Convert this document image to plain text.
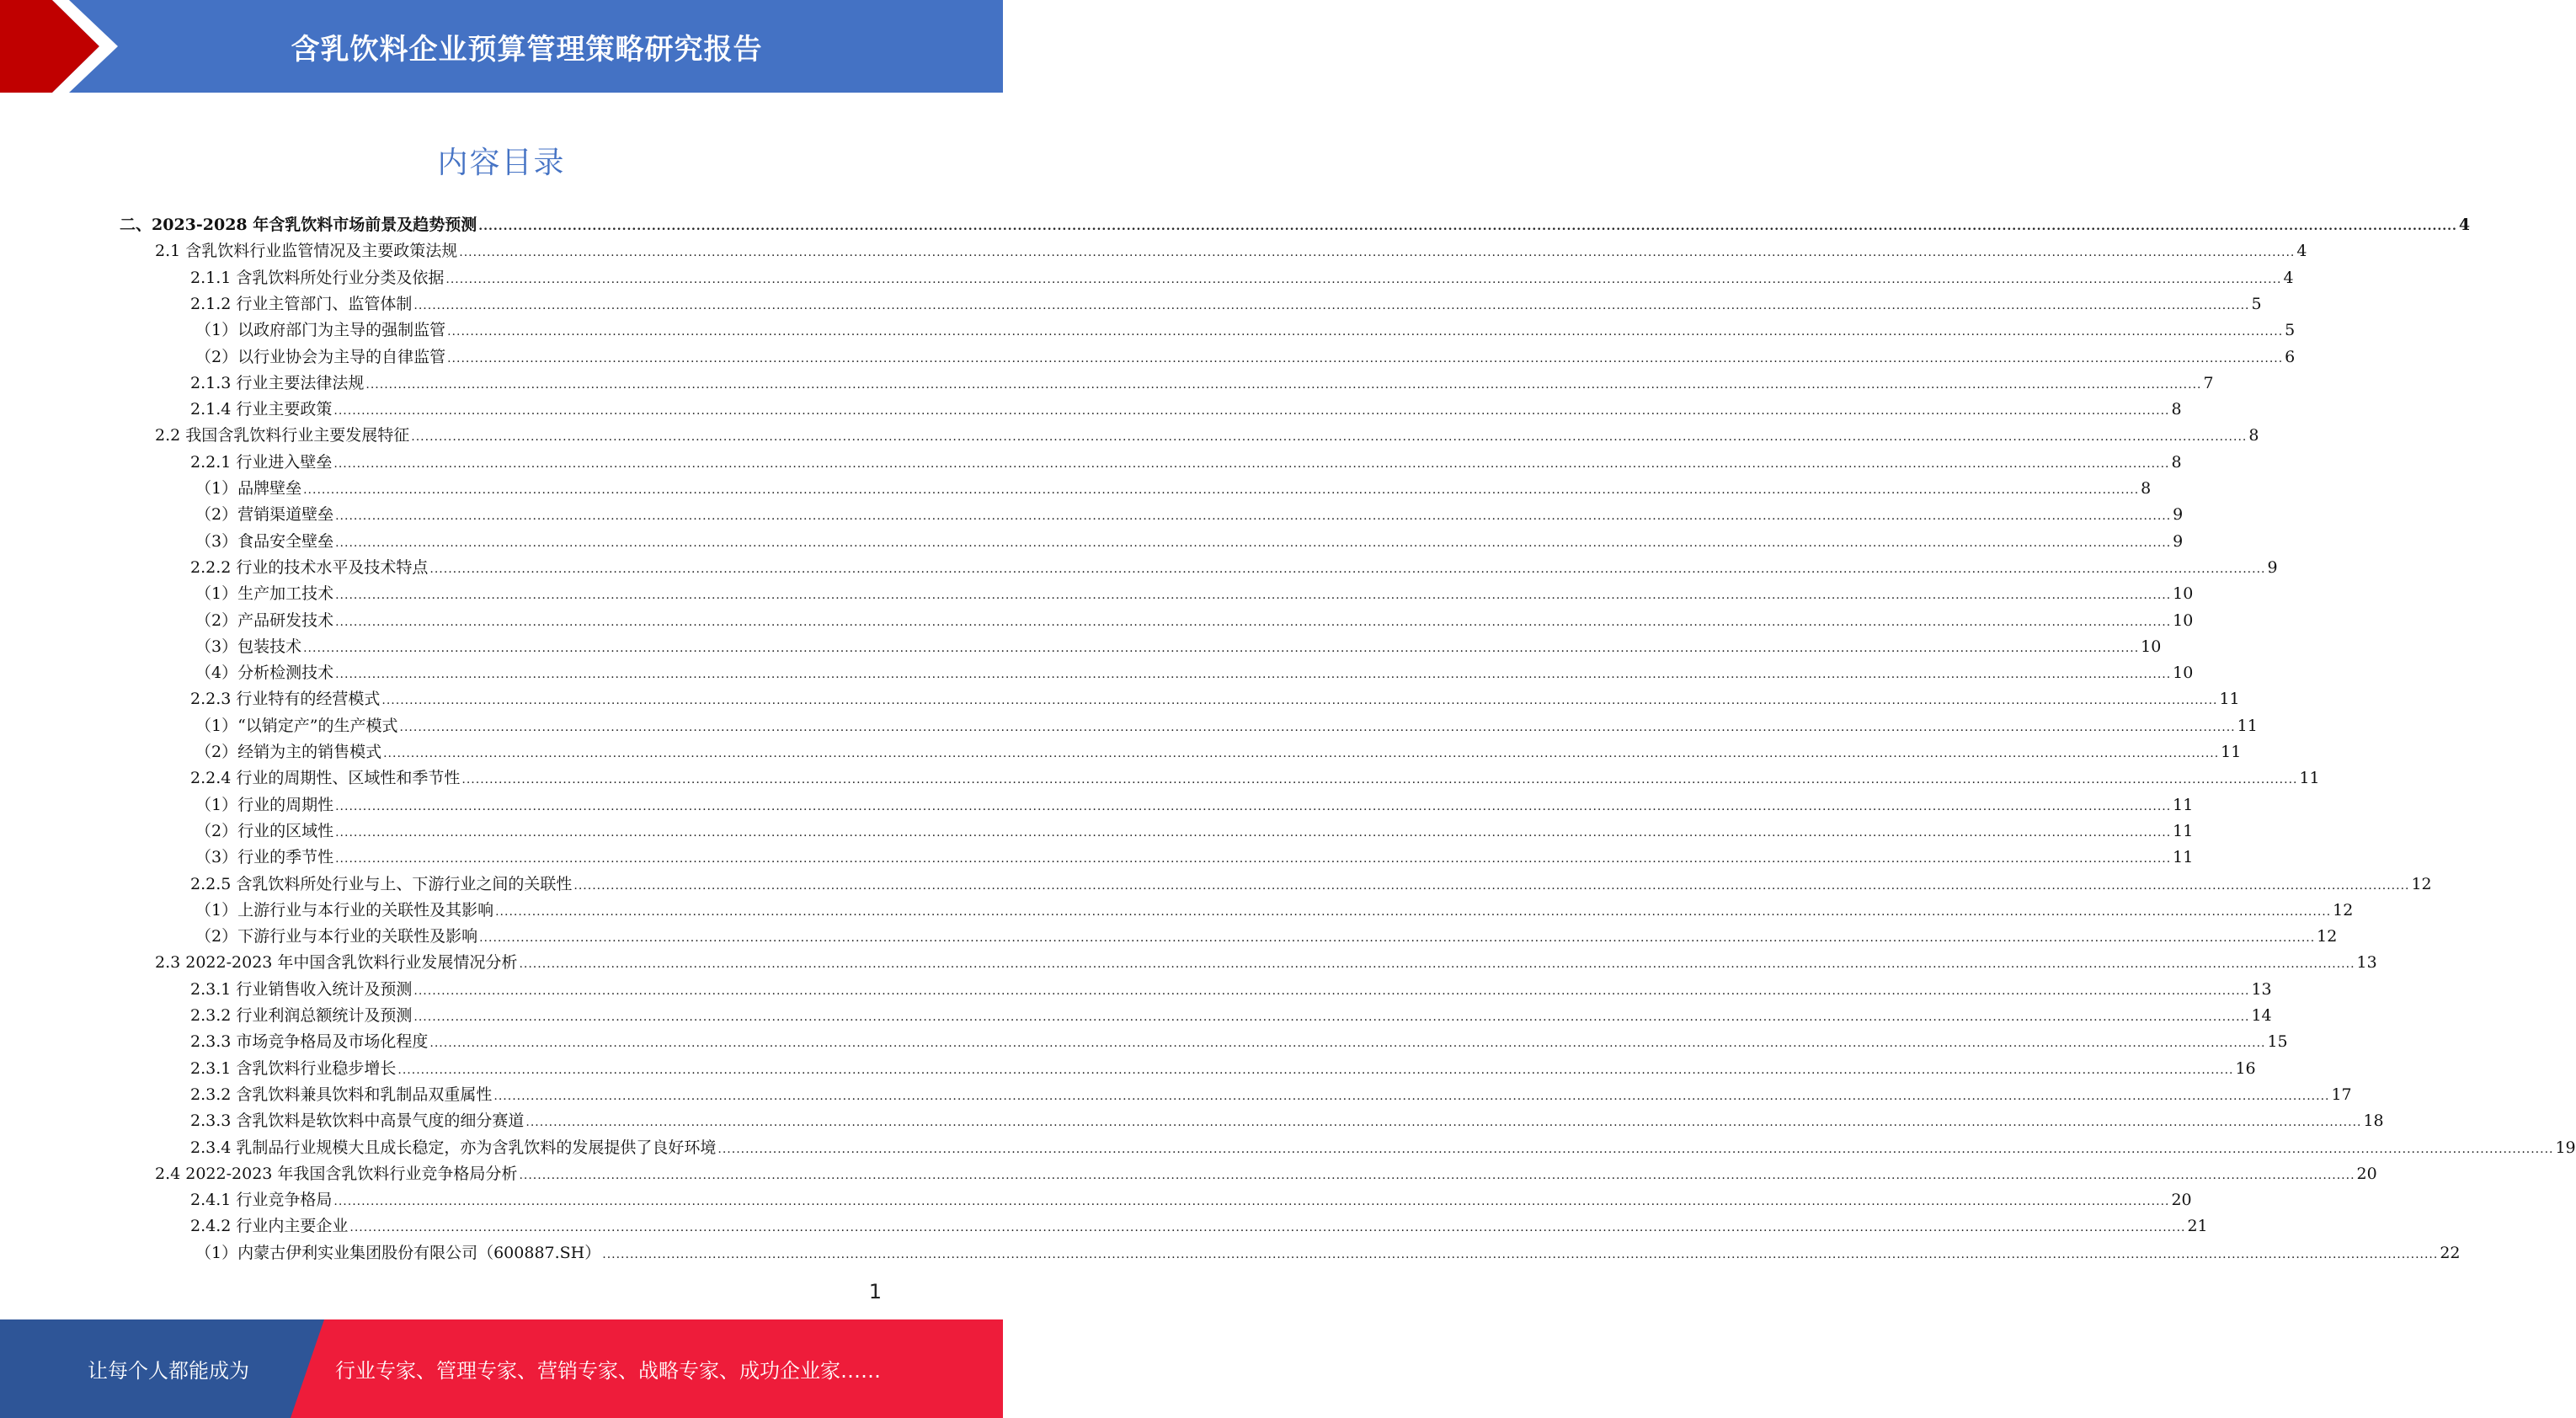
含乳饮料企业预算管理策略研究报告
内容目录
二、2023-2028 年含乳饮料市场前景及趋势预测 ................................................................................................................................................................................................................................................................................................................................................................................................................ 4
2.1 含乳饮料行业监管情况及主要政策法规 ................................................................................................................................................................................................................................................................................................................................................................................................................ 4
2.1.1 含乳饮料所处行业分类及依据 ................................................................................................................................................................................................................................................................................................................................................................................................................ 4
2.1.2 行业主管部门、监管体制 ................................................................................................................................................................................................................................................................................................................................................................................................................ 5
（1）以政府部门为主导的强制监管 ................................................................................................................................................................................................................................................................................................................................................................................................................ 5
（2）以行业协会为主导的自律监管 ................................................................................................................................................................................................................................................................................................................................................................................................................ 6
2.1.3 行业主要法律法规 ................................................................................................................................................................................................................................................................................................................................................................................................................ 7
2.1.4 行业主要政策 ................................................................................................................................................................................................................................................................................................................................................................................................................ 8
2.2 我国含乳饮料行业主要发展特征 ................................................................................................................................................................................................................................................................................................................................................................................................................ 8
2.2.1 行业进入壁垒 ................................................................................................................................................................................................................................................................................................................................................................................................................ 8
（1）品牌壁垒 ................................................................................................................................................................................................................................................................................................................................................................................................................ 8
（2）营销渠道壁垒 ................................................................................................................................................................................................................................................................................................................................................................................................................ 9
（3）食品安全壁垒 ................................................................................................................................................................................................................................................................................................................................................................................................................ 9
2.2.2 行业的技术水平及技术特点 ................................................................................................................................................................................................................................................................................................................................................................................................................ 9
（1）生产加工技术 ................................................................................................................................................................................................................................................................................................................................................................................................................ 10
（2）产品研发技术 ................................................................................................................................................................................................................................................................................................................................................................................................................ 10
（3）包装技术 ................................................................................................................................................................................................................................................................................................................................................................................................................ 10
（4）分析检测技术 ................................................................................................................................................................................................................................................................................................................................................................................................................ 10
2.2.3 行业特有的经营模式 ................................................................................................................................................................................................................................................................................................................................................................................................................ 11
（1）“以销定产”的生产模式 ................................................................................................................................................................................................................................................................................................................................................................................................................ 11
（2）经销为主的销售模式 ................................................................................................................................................................................................................................................................................................................................................................................................................ 11
2.2.4 行业的周期性、区域性和季节性 ................................................................................................................................................................................................................................................................................................................................................................................................................ 11
（1）行业的周期性 ................................................................................................................................................................................................................................................................................................................................................................................................................ 11
（2）行业的区域性 ................................................................................................................................................................................................................................................................................................................................................................................................................ 11
（3）行业的季节性 ................................................................................................................................................................................................................................................................................................................................................................................................................ 11
2.2.5 含乳饮料所处行业与上、下游行业之间的关联性 ................................................................................................................................................................................................................................................................................................................................................................................................................ 12
（1）上游行业与本行业的关联性及其影响 ................................................................................................................................................................................................................................................................................................................................................................................................................ 12
（2）下游行业与本行业的关联性及影响 ................................................................................................................................................................................................................................................................................................................................................................................................................ 12
2.3 2022-2023 年中国含乳饮料行业发展情况分析 ................................................................................................................................................................................................................................................................................................................................................................................................................ 13
2.3.1 行业销售收入统计及预测 ................................................................................................................................................................................................................................................................................................................................................................................................................ 13
2.3.2 行业利润总额统计及预测 ................................................................................................................................................................................................................................................................................................................................................................................................................ 14
2.3.3 市场竞争格局及市场化程度 ................................................................................................................................................................................................................................................................................................................................................................................................................ 15
2.3.1 含乳饮料行业稳步增长 ................................................................................................................................................................................................................................................................................................................................................................................................................ 16
2.3.2 含乳饮料兼具饮料和乳制品双重属性 ................................................................................................................................................................................................................................................................................................................................................................................................................ 17
2.3.3 含乳饮料是软饮料中高景气度的细分赛道 ................................................................................................................................................................................................................................................................................................................................................................................................................ 18
2.3.4 乳制品行业规模大且成长稳定，亦为含乳饮料的发展提供了良好环境 ................................................................................................................................................................................................................................................................................................................................................................................................................ 19
2.4 2022-2023 年我国含乳饮料行业竞争格局分析 ................................................................................................................................................................................................................................................................................................................................................................................................................ 20
2.4.1 行业竞争格局 ................................................................................................................................................................................................................................................................................................................................................................................................................ 20
2.4.2 行业内主要企业 ................................................................................................................................................................................................................................................................................................................................................................................................................ 21
（1）内蒙古伊利实业集团股份有限公司（600887.SH） ................................................................................................................................................................................................................................................................................................................................................................................................................ 22
1
让每个人都能成为	行业专家、管理专家、营销专家、战略专家、成功企业家……
